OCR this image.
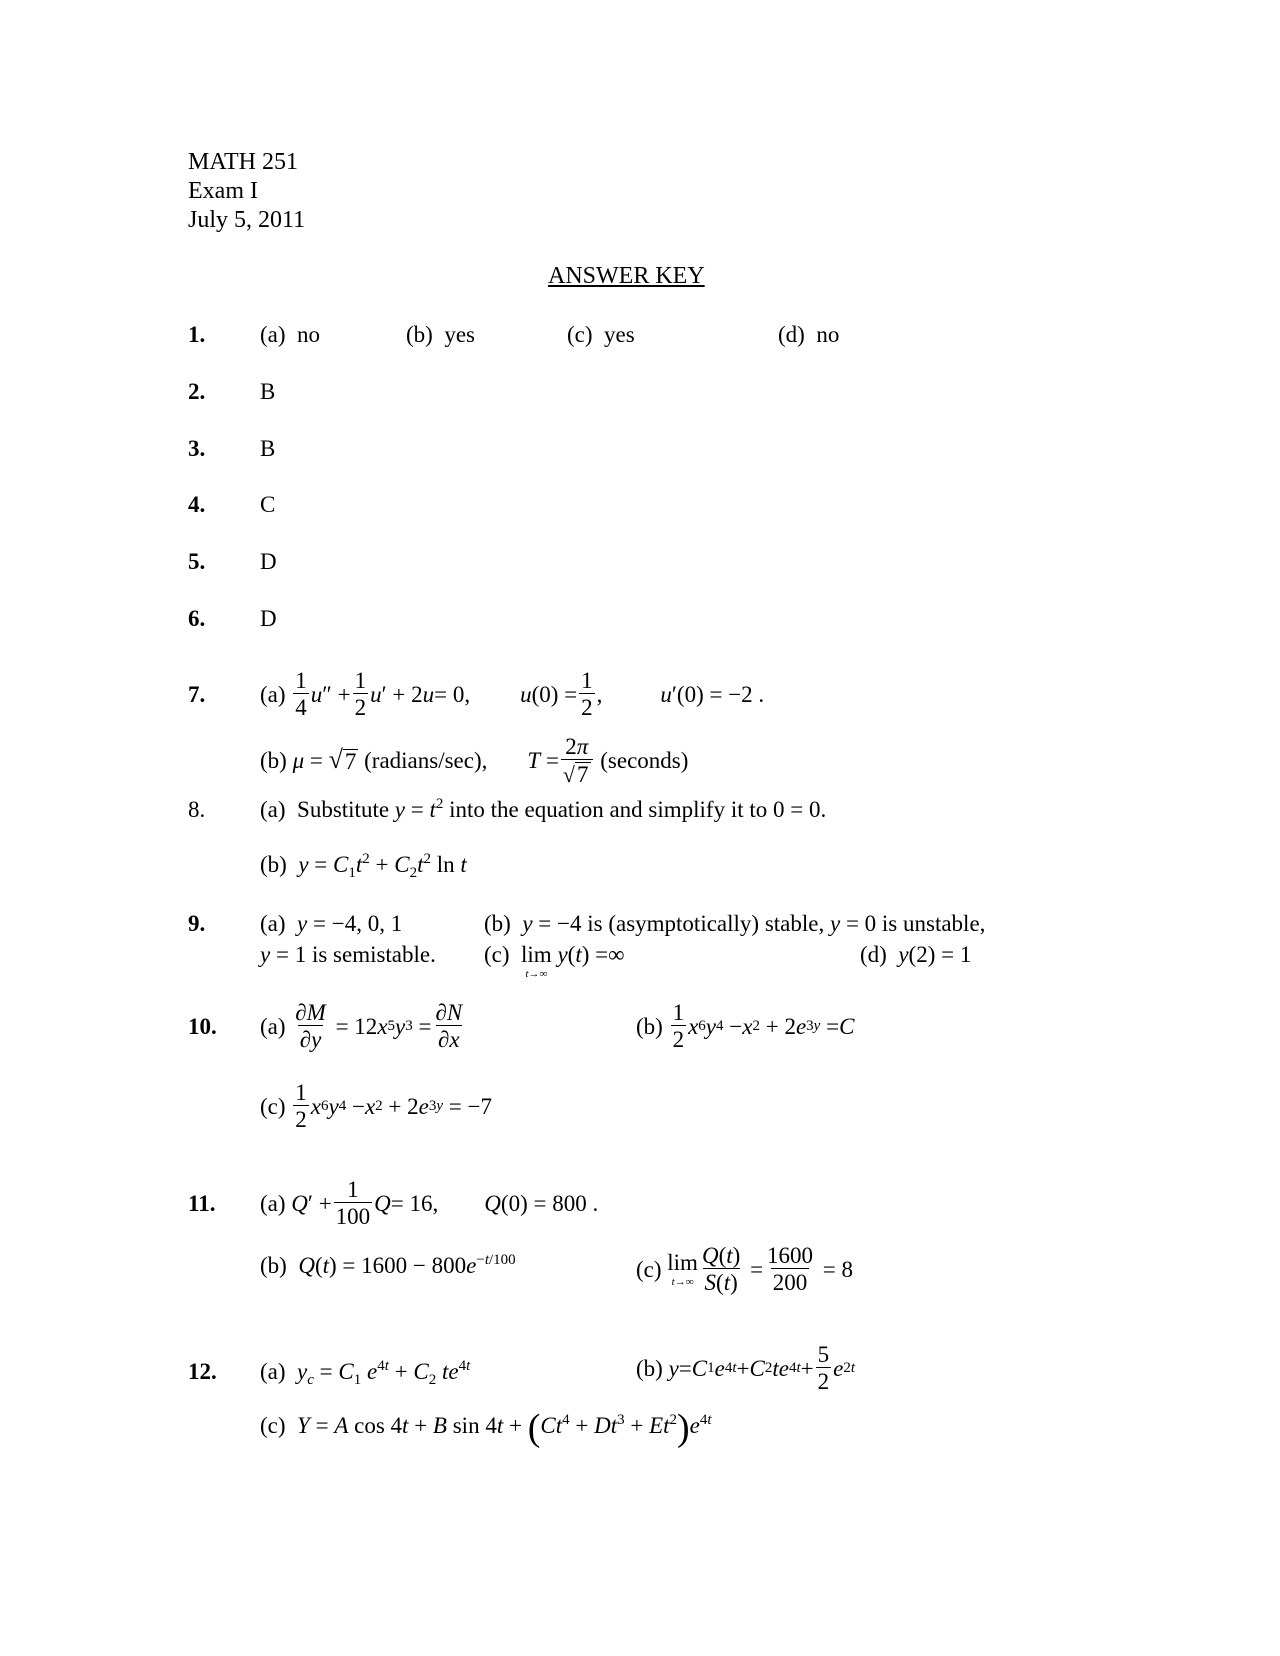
MATH 251
Exam I
July 5, 2011
ANSWER KEY
1. (a) no	(b) yes	(c) yes	(d) no
2. B
3. B
4. C
5. D
6. D
7. (a)
$\frac{1}{4}$ u ″ + $\frac{1}{2}$ u ′ + 2 u = 0, u $(0) = \frac{1}{2}$ ,	u ′(0) = −2 .
(b)
μ = √ 7 (radians/sec), $T = \frac{2\pi}{√ 7}$ (seconds)
8. (a)  Substitute $y = t^2$ into the equation and simplify it to 0 = 0.
(b) $y = C_1t^2 + C_2t^2$ ln t
9. (a) y = −4, 0, 1	(b) y = −4 is (asymptotically) stable, y = 0 is unstable,
y = 1 is semistable. (c) lim
t→∞
y(t) =∞	(d) y(2) = 1
10. (a)
$\frac{\partial M}{\partial y} = 12$ x 5 y $3 = \frac{\partial N}{\partial x}$	(b)
$\frac{1}{2}$ x 6 y 4 − x 2 + 2 e 3y = C
(c)
$\frac{1}{2}$ x 6 y 4 − x 2 + 2 e 3y = −7
11. (a)
Q ′ + $\frac{1}{100}$ Q = 16, Q (0) = 800 .
(b) $Q(t) = 1600 - 800e^{-t/100}$	(c)
lim
$t\to\infty \frac{Q(t)}{S(t)} = \frac{1600}{200} = 8$
12. (a) $y_c = C_1$ $e^{4t} + C_2$ $te^{4t}$	(b)
y = C 1 e 4t + C 2 te $4t + \frac{5}{2}$ e 2t
(c) Y = A cos 4t + B $\sin 4t + (Ct^4 + Dt^3 + Et^2)e^{4t}$
